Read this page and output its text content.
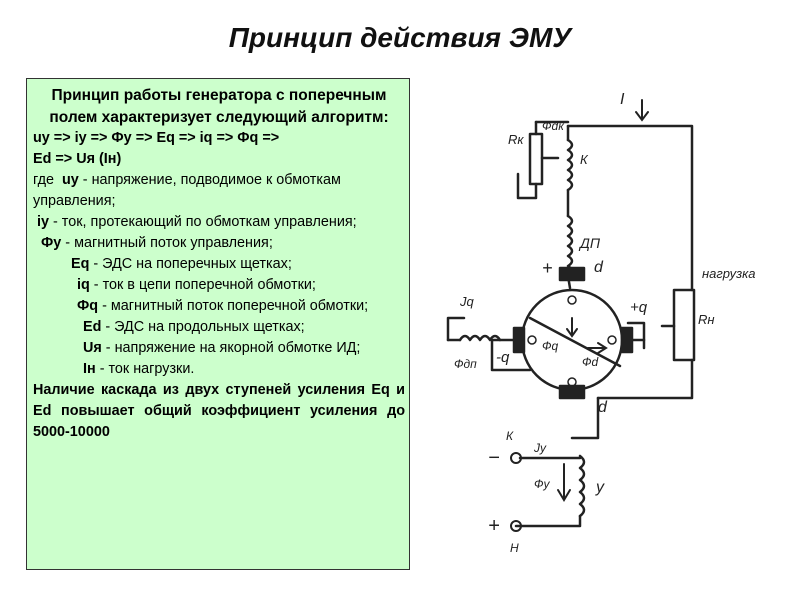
Принцип действия ЭМУ

Принцип работы генератора с поперечным полем характеризует следующий алгоритм:

uy => iy => Фy => Eq => iq => Фq =>

Ed => Uя (Iн)

где uy - напряжение, подводимое к обмоткам управления;

iy - ток, протекающий по обмоткам управления;

Фy - магнитный поток управления;

Eq - ЭДС на поперечных щетках;

iq - ток в цепи поперечной обмотки;

Фq - магнитный поток поперечной обмотки;

Ed - ЭДС на продольных щетках;

Uя - напряжение на якорной обмотке ИД;

Iн - ток нагрузки.

Наличие каскада из двух ступеней усиления Eq и Ed повышает общий коэффициент усиления до 5000-10000

I
Rк
Фdк
К
ДП
+	d
+q
Jq
Фдп -q
Фq
Фd
d
нагрузка
Rн
К
−	Jy
Фу	у
+
Н
